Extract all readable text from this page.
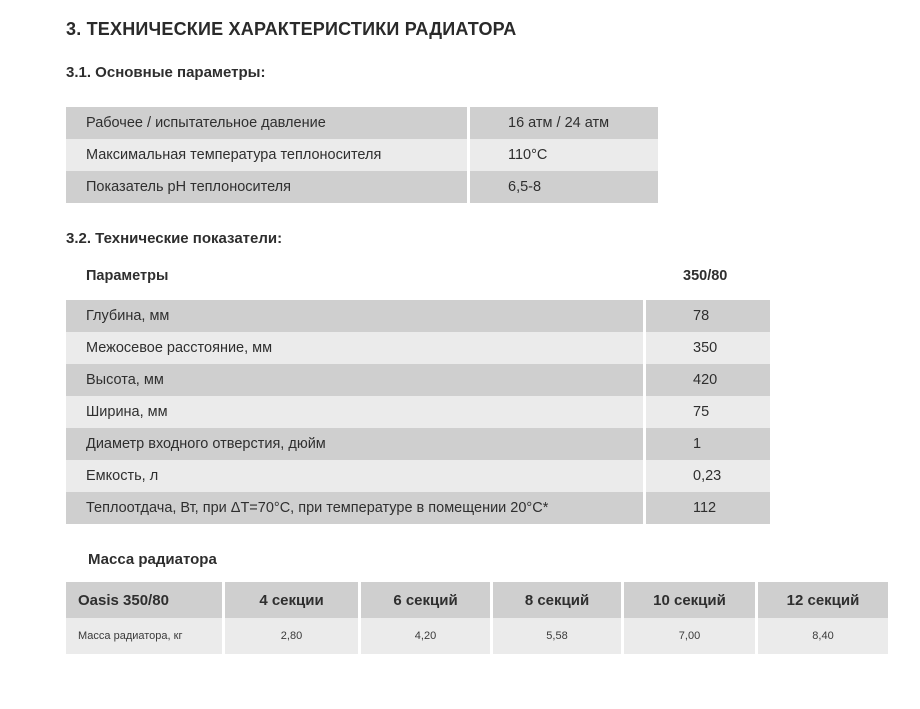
3. ТЕХНИЧЕСКИЕ ХАРАКТЕРИСТИКИ РАДИАТОРА
3.1. Основные параметры:
Рабочее / испытательное давление	16 атм / 24 атм
Максимальная температура теплоносителя	110°C
Показатель pH теплоносителя	6,5-8
3.2. Технические показатели:
Параметры	350/80
Глубина, мм	78
Межосевое расстояние, мм	350
Высота, мм	420
Ширина, мм	75
Диаметр входного отверстия, дюйм	1
Емкость, л	0,23
Теплоотдача, Вт, при ΔT=70°C, при температуре в помещении 20°C*	112
Масса радиатора
Oasis 350/80	4 секции	6 секций	8 секций	10 секций	12 секций
Масса радиатора, кг	2,80	4,20	5,58	7,00	8,40
